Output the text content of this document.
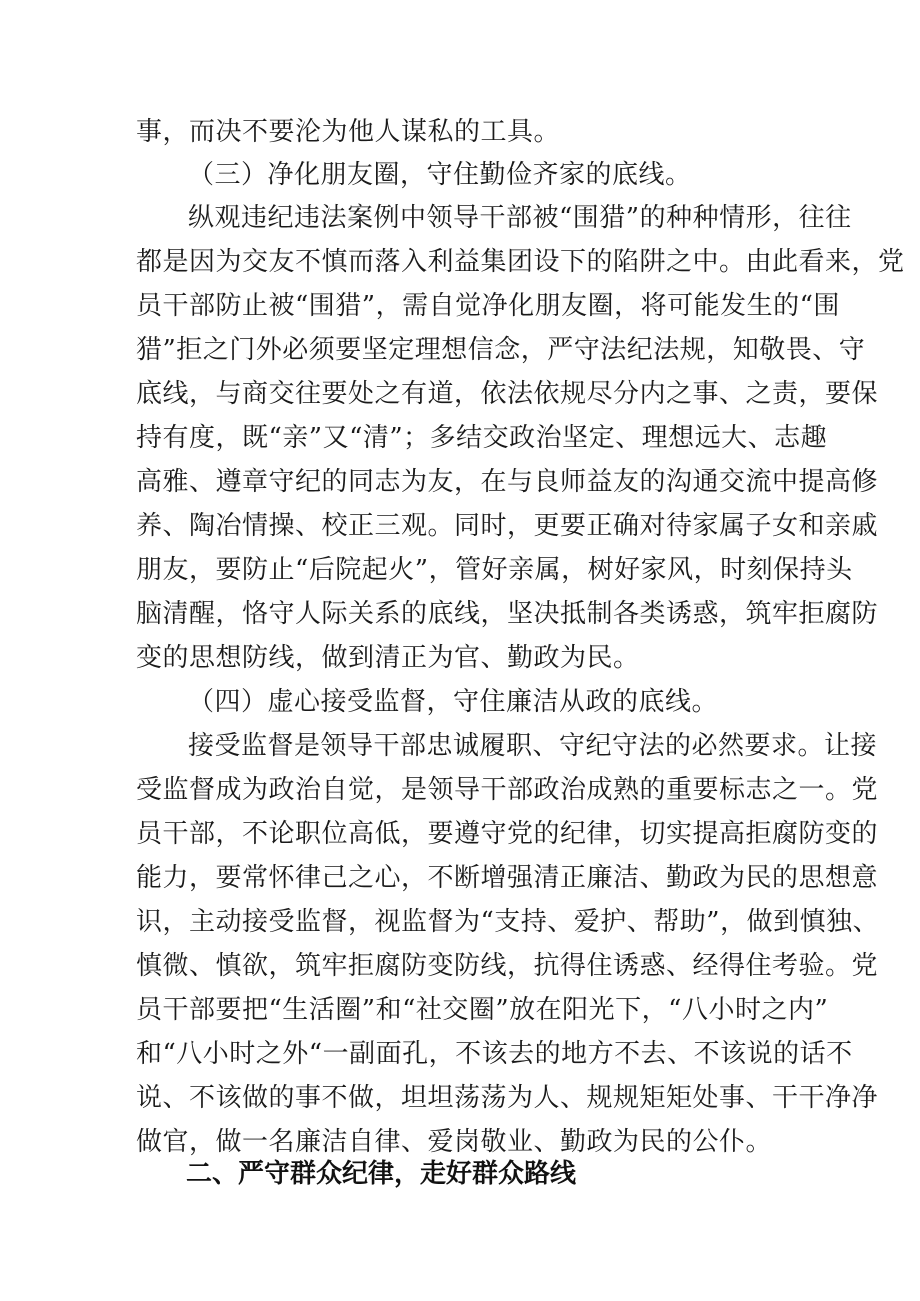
事，而决不要沦为他人谋私的工具。
（三）净化朋友圈，守住勤俭齐家的底线。
纵观违纪违法案例中领导干部被“围猎”的种种情形，往往
都是因为交友不慎而落入利益集团设下的陷阱之中。由此看来，党
员干部防止被“围猎”，需自觉净化朋友圈，将可能发生的“围
猎”拒之门外必须要坚定理想信念，严守法纪法规，知敬畏、守
底线，与商交往要处之有道，依法依规尽分内之事、之责，要保
持有度，既“亲”又“清”；多结交政治坚定、理想远大、志趣
高雅、遵章守纪的同志为友，在与良师益友的沟通交流中提高修
养、陶冶情操、校正三观。同时，更要正确对待家属子女和亲戚
朋友，要防止“后院起火”，管好亲属，树好家风，时刻保持头
脑清醒，恪守人际关系的底线，坚决抵制各类诱惑，筑牢拒腐防
变的思想防线，做到清正为官、勤政为民。
（四）虚心接受监督，守住廉洁从政的底线。
接受监督是领导干部忠诚履职、守纪守法的必然要求。让接
受监督成为政治自觉，是领导干部政治成熟的重要标志之一。党
员干部，不论职位高低，要遵守党的纪律，切实提高拒腐防变的
能力，要常怀律己之心，不断增强清正廉洁、勤政为民的思想意
识，主动接受监督，视监督为“支持、爱护、帮助”，做到慎独、
慎微、慎欲，筑牢拒腐防变防线，抗得住诱惑、经得住考验。党
员干部要把“生活圈”和“社交圈”放在阳光下，“八小时之内”
和“八小时之外“一副面孔，不该去的地方不去、不该说的话不
说、不该做的事不做，坦坦荡荡为人、规规矩矩处事、干干净净
做官，做一名廉洁自律、爱岗敬业、勤政为民的公仆。
二、严守群众纪律，走好群众路线
